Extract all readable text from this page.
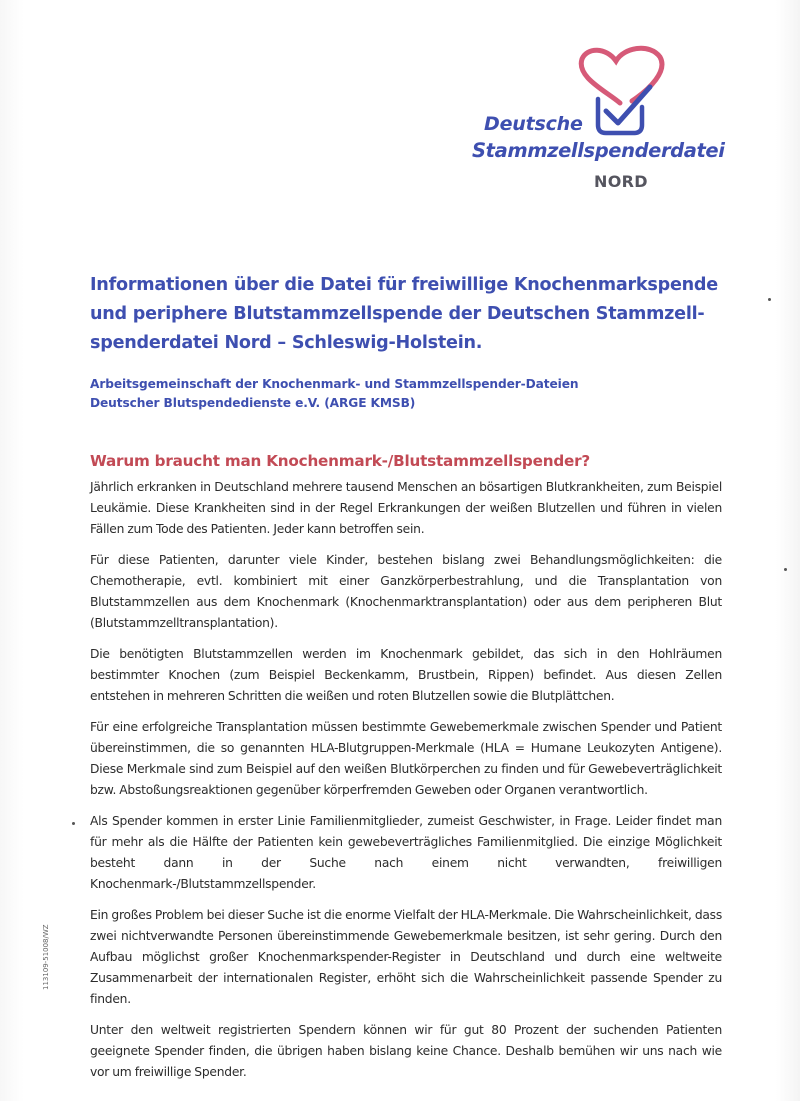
Deutsche
Stammzellspenderdatei
NORD
Informationen über die Datei für freiwillige Knochenmarkspende und periphere Blutstammzellspende der Deutschen Stammzell-spenderdatei Nord – Schleswig-Holstein.
Arbeitsgemeinschaft der Knochenmark- und Stammzellspender-Dateien
Deutscher Blutspendedienste e.V. (ARGE KMSB)
Warum braucht man Knochenmark-/Blutstammzellspender?

Jährlich erkranken in Deutschland mehrere tausend Menschen an bösartigen Blutkrankheiten, zum Beispiel Leukämie. Diese Krankheiten sind in der Regel Erkrankungen der weißen Blutzellen und führen in vielen Fällen zum Tode des Patienten. Jeder kann betroffen sein.

Für diese Patienten, darunter viele Kinder, bestehen bislang zwei Behandlungsmöglichkeiten: die Chemotherapie, evtl. kombiniert mit einer Ganzkörperbestrahlung, und die Transplantation von Blutstammzellen aus dem Knochenmark (Knochenmarktransplantation) oder aus dem peripheren Blut (Blutstammzelltransplantation).

Die benötigten Blutstammzellen werden im Knochenmark gebildet, das sich in den Hohlräumen bestimmter Knochen (zum Beispiel Beckenkamm, Brustbein, Rippen) befindet. Aus diesen Zellen entstehen in mehreren Schritten die weißen und roten Blutzellen sowie die Blutplättchen.

Für eine erfolgreiche Transplantation müssen bestimmte Gewebemerkmale zwischen Spender und Patient übereinstimmen, die so genannten HLA-Blutgruppen-Merkmale (HLA = Humane Leukozyten Antigene). Diese Merkmale sind zum Beispiel auf den weißen Blutkörperchen zu finden und für Gewebeverträglichkeit bzw. Abstoßungsreaktionen gegenüber körperfremden Geweben oder Organen verantwortlich.

Als Spender kommen in erster Linie Familienmitglieder, zumeist Geschwister, in Frage. Leider findet man für mehr als die Hälfte der Patienten kein gewebeverträgliches Familienmitglied. Die einzige Möglichkeit besteht dann in der Suche nach einem nicht verwandten, freiwilligen Knochenmark-/Blutstammzellspender.

Ein großes Problem bei dieser Suche ist die enorme Vielfalt der HLA-Merkmale. Die Wahrscheinlichkeit, dass zwei nichtverwandte Personen übereinstimmende Gewebemerkmale besitzen, ist sehr gering. Durch den Aufbau möglichst großer Knochenmarkspender-Register in Deutschland und durch eine weltweite Zusammenarbeit der internationalen Register, erhöht sich die Wahrscheinlichkeit passende Spender zu finden.

Unter den weltweit registrierten Spendern können wir für gut 80 Prozent der suchenden Patienten geeignete Spender finden, die übrigen haben bislang keine Chance. Deshalb bemühen wir uns nach wie vor um freiwillige Spender.

113109-51008/WZ
